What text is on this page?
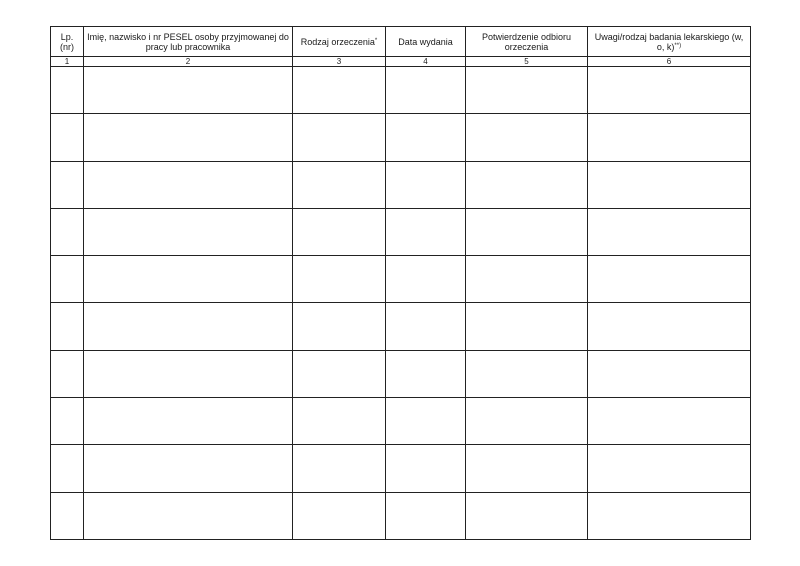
Lp. (nr)	Imię, nazwisko i nr PESEL osoby przyjmowanej do pracy lub pracownika	Rodzaj orzeczenia*	Data wydania	Potwierdzenie odbioru orzeczenia	Uwagi/rodzaj badania lekarskiego (w, o, k)**)
1	2	3	4	5	6
